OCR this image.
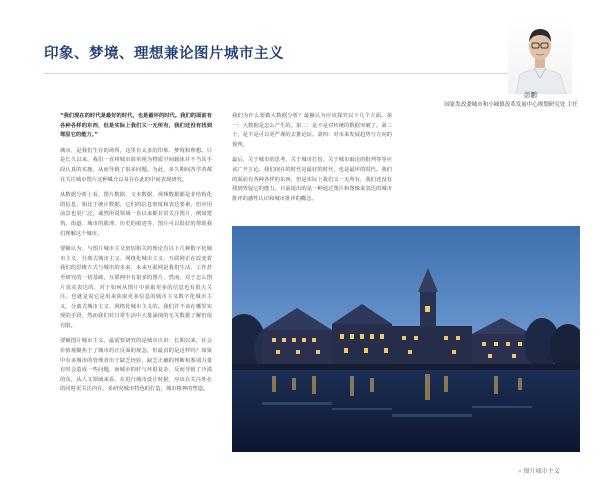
印象、梦境、理想兼论图片城市主义

彭鹏

国家发改委城市和小城镇改革发展中心规划研究处 主任

“我们现在的时代是最好的时代，也是最坏的时代。我们的面前有各种各样的东西，但是实际上我们又一无所有，我们还没有找到驾驭它的能力。”

城市，是我们生存的场所，这里有太多的印象、梦境和理想。只是长久以来，我们一直将城市简单视为物质空间载体并不当其手段认真的实施，从而导致了很多问题。为此，多久期间各学者都在关注城市图片这种媒介以及存在此的中间表现研究。

从数据分析上看，图片数据、文本数据、视频数据都是非结构化的信息，相比于统计数据，它们的信息密度和表达要素，但应用前景也更广泛。诚然所说领域一直以来都非常关注图片，例如建筑、街道、城市的肌理、历史的痕迹等，图片可以很好的帮助我们理解这个城市。

要额认为，与图片城市主义密切相关的理论有以下几种数字化城市主义、分离式城市主义、网络化城市主义、互联网正在改变着我们的思维方式与城市的未来，未来互联网是我们生活、工作甚至研究的一切基础。互联网中有很多的图片，然而，对于怎么图片真实表达的，对于如何从图片中获取更多的信息也有很大关注。也就是说它是用来获取更多信息的城市主义数字化城市主义、分离式城市主义、网络化城市主义的。我们并不该在哪里实现的手段，然而我们对日常生活中大量涌现的无关数据了解仍很有限。

要额图片城市主义，最需要研究的是城市认识：长期以来，社会价值观聚焦于了城市的正反面的观念，但最真的是这样吗？如果中有多城市的管理者出于缺乏经验，缺乏正确的判断和鉴别力量有时会造成一些问题，而城市的好与坏很复杂，反而导致了冷漠的东，从人文领域来看，在进行城市设计时候，应该在关注外在的同时更关注内在，多研究城市特色的打造，城市精神的塑造。

我们为什么要做大数据分析？最额认为应该探究以下几个方面。第一：大数据是怎么产生的。第二：是不是对传统的数据突破了。第三个，是不是可以更严谨的去推论证。第四：对未来发展趋势与方向的预判。

最后，关于城市的思考，关于城市打扮，关于城市取论的批判等等应该广开言论。我们现在的时代是最好的时代，也是最坏的时代。我们的面前有各种各样的东西，但是实际上我们又一无所有，我们还没有找到驾驭它的能力。目前提出的是一种通过图片和图像来表达的城市批评的感性认识和城市批评的概念。

» 图片城市主义
